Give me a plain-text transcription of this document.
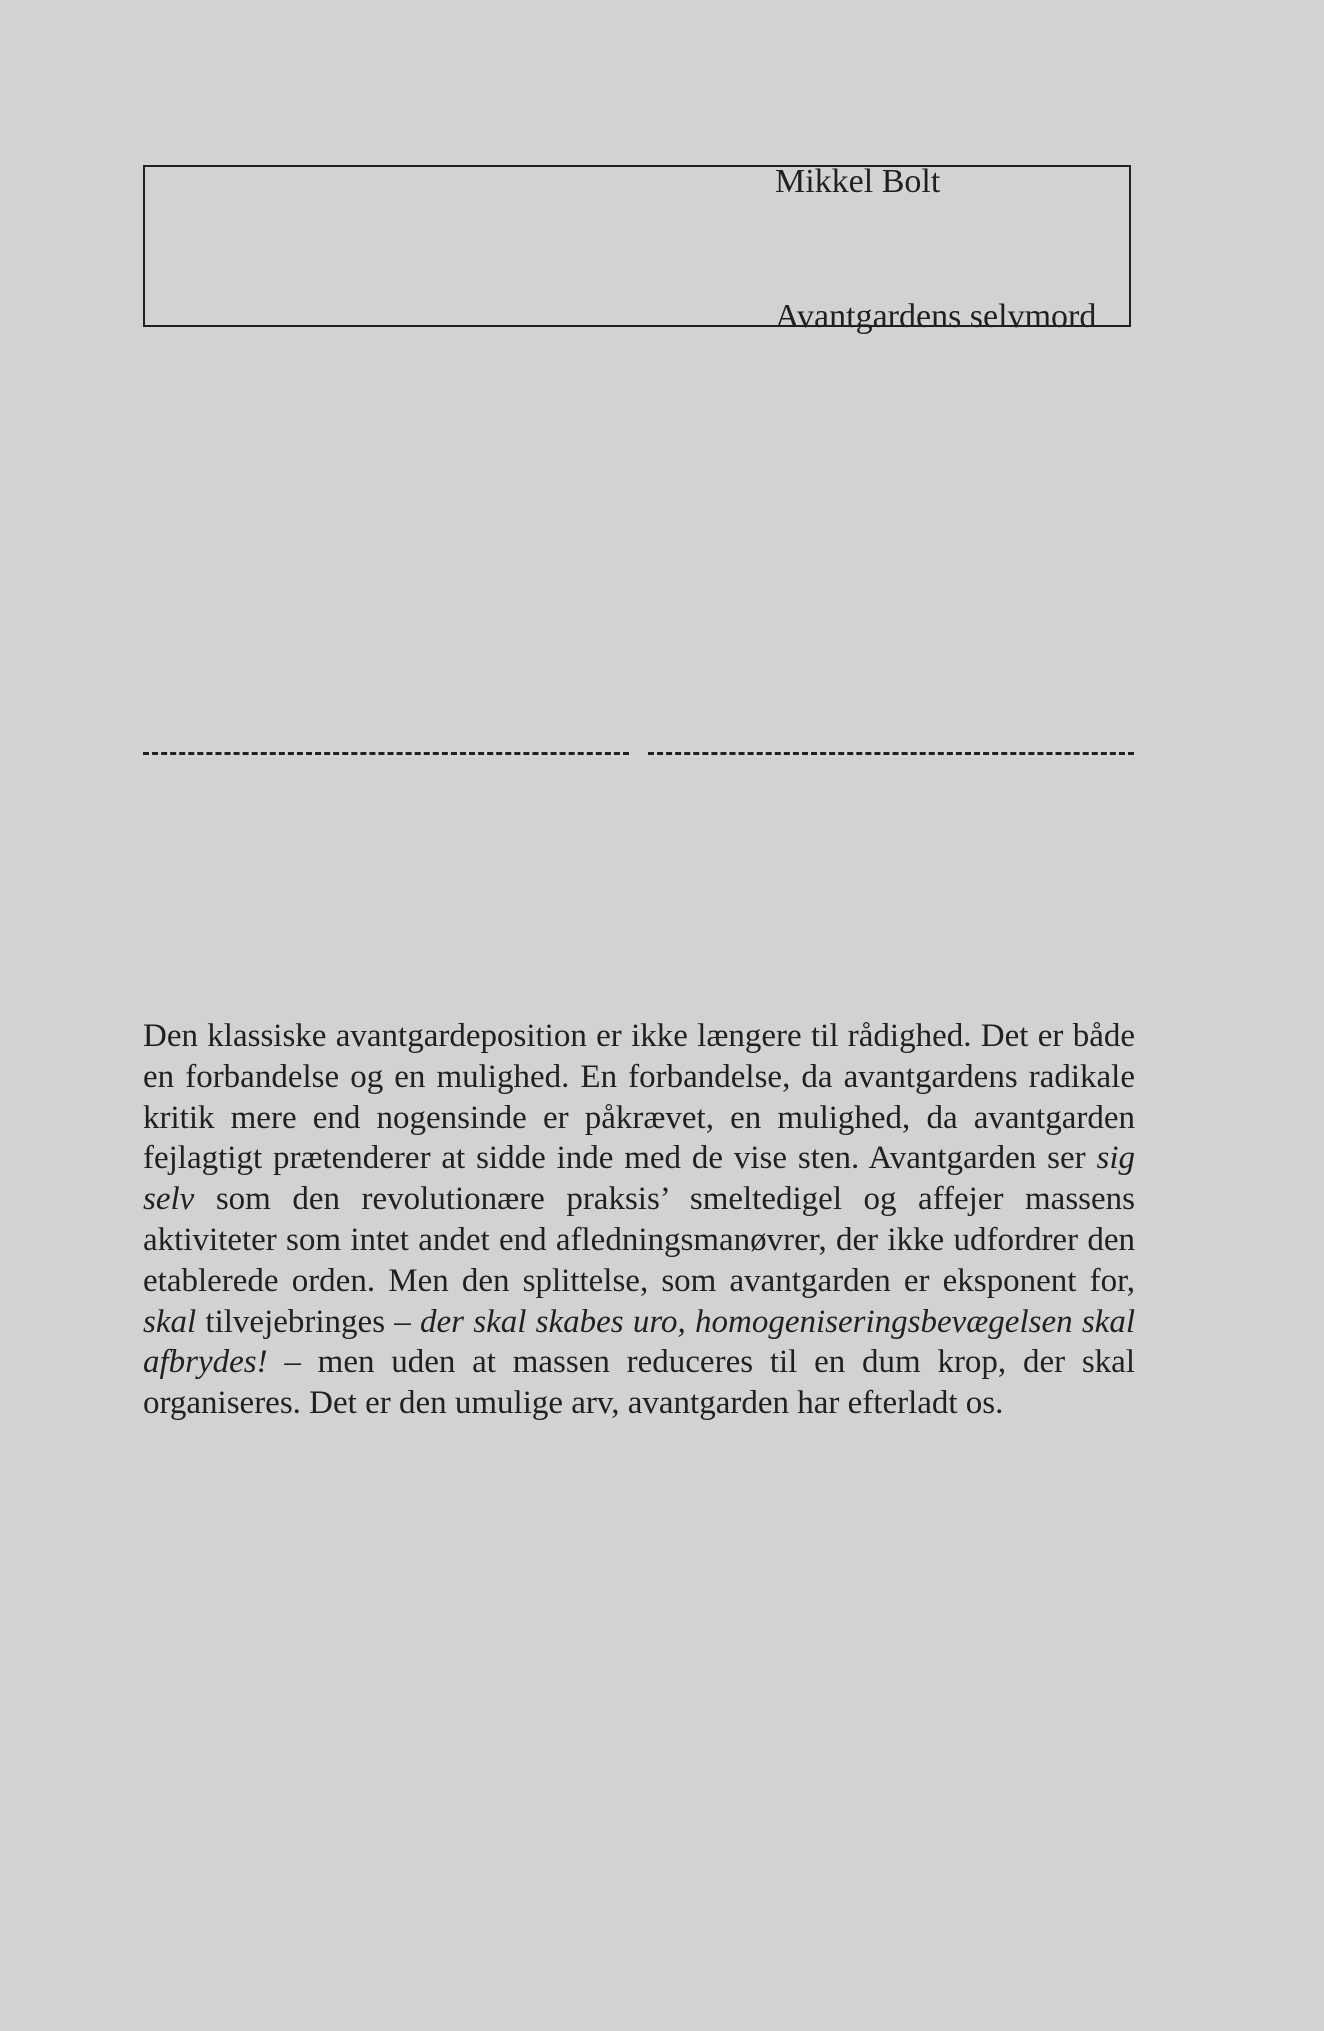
Mikkel Bolt
Avantgardens selvmord

Den klassiske avantgardeposition er ikke længere til rådighed. Det er både en forbandelse og en mulighed. En forbandelse, da avantgardens radikale kritik mere end nogensinde er påkrævet, en mulighed, da avantgarden fejlagtigt prætenderer at sidde inde med de vise sten. Avantgarden ser sig selv som den revolutionære praksis’ smeltedigel og affejer massens aktiviteter som intet andet end afledningsmanøvrer, der ikke udfordrer den etablerede orden. Men den splittelse, som avantgarden er eksponent for, skal tilvejebringes – der skal skabes uro, homogeniseringsbevægelsen skal afbrydes! – men uden at massen reduceres til en dum krop, der skal organiseres. Det er den umulige arv, avantgarden har efterladt os.
